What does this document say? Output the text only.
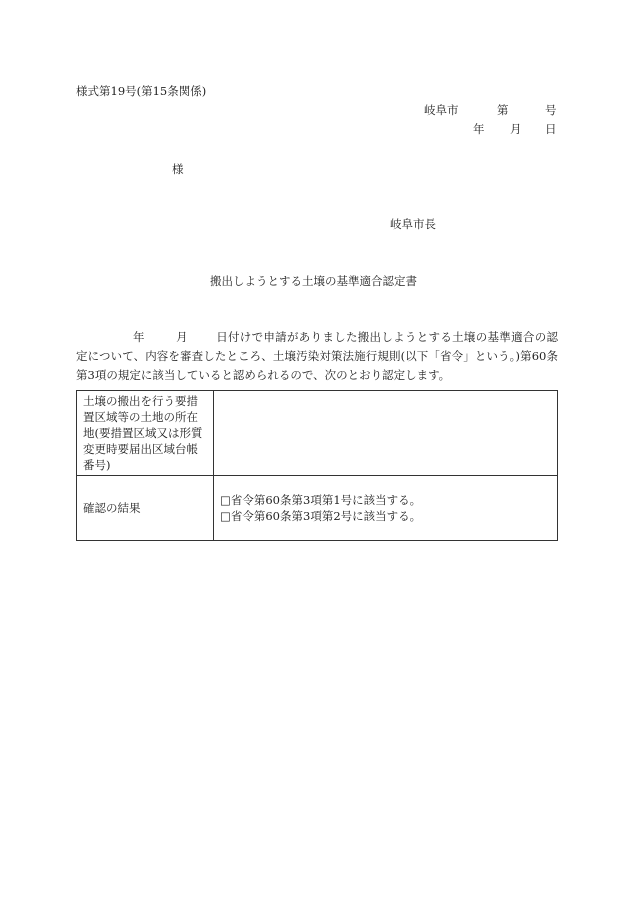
様式第19号(第15条関係)
岐阜市	第	号
年 月 日
様
岐阜市長
搬出しようとする土壌の基準適合認定書
年	月 日付けで申請がありました搬出しようとする土壌の基準適合の認定について、内容を審査したところ、土壌汚染対策法施行規則(以下「省令」という。)第60条第3項の規定に該当していると認められるので、次のとおり認定します。
土壌の搬出を行う要措置区域等の土地の所在地(要措置区域又は形質変更時要届出区域台帳番号)	
確認の結果	□省令第60条第3項第1号に該当する。
□省令第60条第3項第2号に該当する。
